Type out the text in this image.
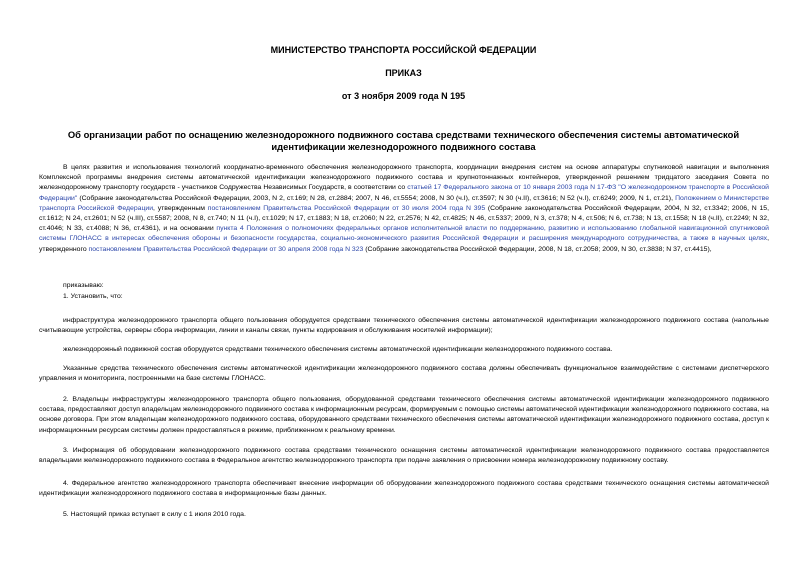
МИНИСТЕРСТВО ТРАНСПОРТА РОССИЙСКОЙ ФЕДЕРАЦИИ
ПРИКАЗ
от 3 ноября 2009 года N 195
Об организации работ по оснащению железнодорожного подвижного состава средствами технического обеспечения системы автоматической идентификации железнодорожного подвижного состава
В целях развития и использования технологий координатно-временного обеспечения железнодорожного транспорта, координации внедрения систем на основе аппаратуры спутниковой навигации и выполнения Комплексной программы внедрения системы автоматической идентификации железнодорожного подвижного состава и крупнотоннажных контейнеров, утвержденной решением тридцатого заседания Совета по железнодорожному транспорту государств - участников Содружества Независимых Государств, в соответствии со статьей 17 Федерального закона от 10 января 2003 года N 17-ФЗ "О железнодорожном транспорте в Российской Федерации" (Собрание законодательства Российской Федерации, 2003, N 2, ст.169; N 28, ст.2884; 2007, N 46, ст.5554; 2008, N 30 (ч.I), ст.3597; N 30 (ч.II), ст.3616; N 52 (ч.I), ст.6249; 2009, N 1, ст.21), Положением о Министерстве транспорта Российской Федерации, утвержденным постановлением Правительства Российской Федерации от 30 июля 2004 года N 395 (Собрание законодательства Российской Федерации, 2004, N 32, ст.3342; 2006, N 15, ст.1612; N 24, ст.2601; N 52 (ч.III), ст.5587; 2008, N 8, ст.740; N 11 (ч.I), ст.1029; N 17, ст.1883; N 18, ст.2060; N 22, ст.2576; N 42, ст.4825; N 46, ст.5337; 2009, N 3, ст.378; N 4, ст.506; N 6, ст.738; N 13, ст.1558; N 18 (ч.II), ст.2249; N 32, ст.4046; N 33, ст.4088; N 36, ст.4361), и на основании пункта 4 Положения о полномочиях федеральных органов исполнительной власти по поддержанию, развитию и использованию глобальной навигационной спутниковой системы ГЛОНАСС в интересах обеспечения обороны и безопасности государства, социально-экономического развития Российской Федерации и расширения международного сотрудничества, а также в научных целях, утвержденного постановлением Правительства Российской Федерации от 30 апреля 2008 года N 323 (Собрание законодательства Российской Федерации, 2008, N 18, ст.2058; 2009, N 30, ст.3838; N 37, ст.4415),
приказываю:
1. Установить, что:
инфраструктура железнодорожного транспорта общего пользования оборудуется средствами технического обеспечения системы автоматической идентификации железнодорожного подвижного состава (напольные считывающие устройства, серверы сбора информации, линии и каналы связи, пункты кодирования и обслуживания носителей информации);
железнодорожный подвижной состав оборудуется средствами технического обеспечения системы автоматической идентификации железнодорожного подвижного состава.
Указанные средства технического обеспечения системы автоматической идентификации железнодорожного подвижного состава должны обеспечивать функциональное взаимодействие с системами диспетчерского управления и мониторинга, построенными на базе системы ГЛОНАСС.
2. Владельцы инфраструктуры железнодорожного транспорта общего пользования, оборудованной средствами технического обеспечения системы автоматической идентификации железнодорожного подвижного состава, предоставляют доступ владельцам железнодорожного подвижного состава к информационным ресурсам, формируемым с помощью системы автоматической идентификации железнодорожного подвижного состава, на основе договора. При этом владельцам железнодорожного подвижного состава, оборудованного средствами технического обеспечения системы автоматической идентификации железнодорожного подвижного состава, доступ к информационным ресурсам системы должен предоставляться в режиме, приближенном к реальному времени.
3. Информация об оборудовании железнодорожного подвижного состава средствами технического оснащения системы автоматической идентификации железнодорожного подвижного состава предоставляется владельцами железнодорожного подвижного состава в Федеральное агентство железнодорожного транспорта при подаче заявления о присвоении номера железнодорожному подвижному составу.
4. Федеральное агентство железнодорожного транспорта обеспечивает внесение информации об оборудовании железнодорожного подвижного состава средствами технического оснащения системы автоматической идентификации железнодорожного подвижного состава в информационные базы данных.
5. Настоящий приказ вступает в силу с 1 июля 2010 года.
